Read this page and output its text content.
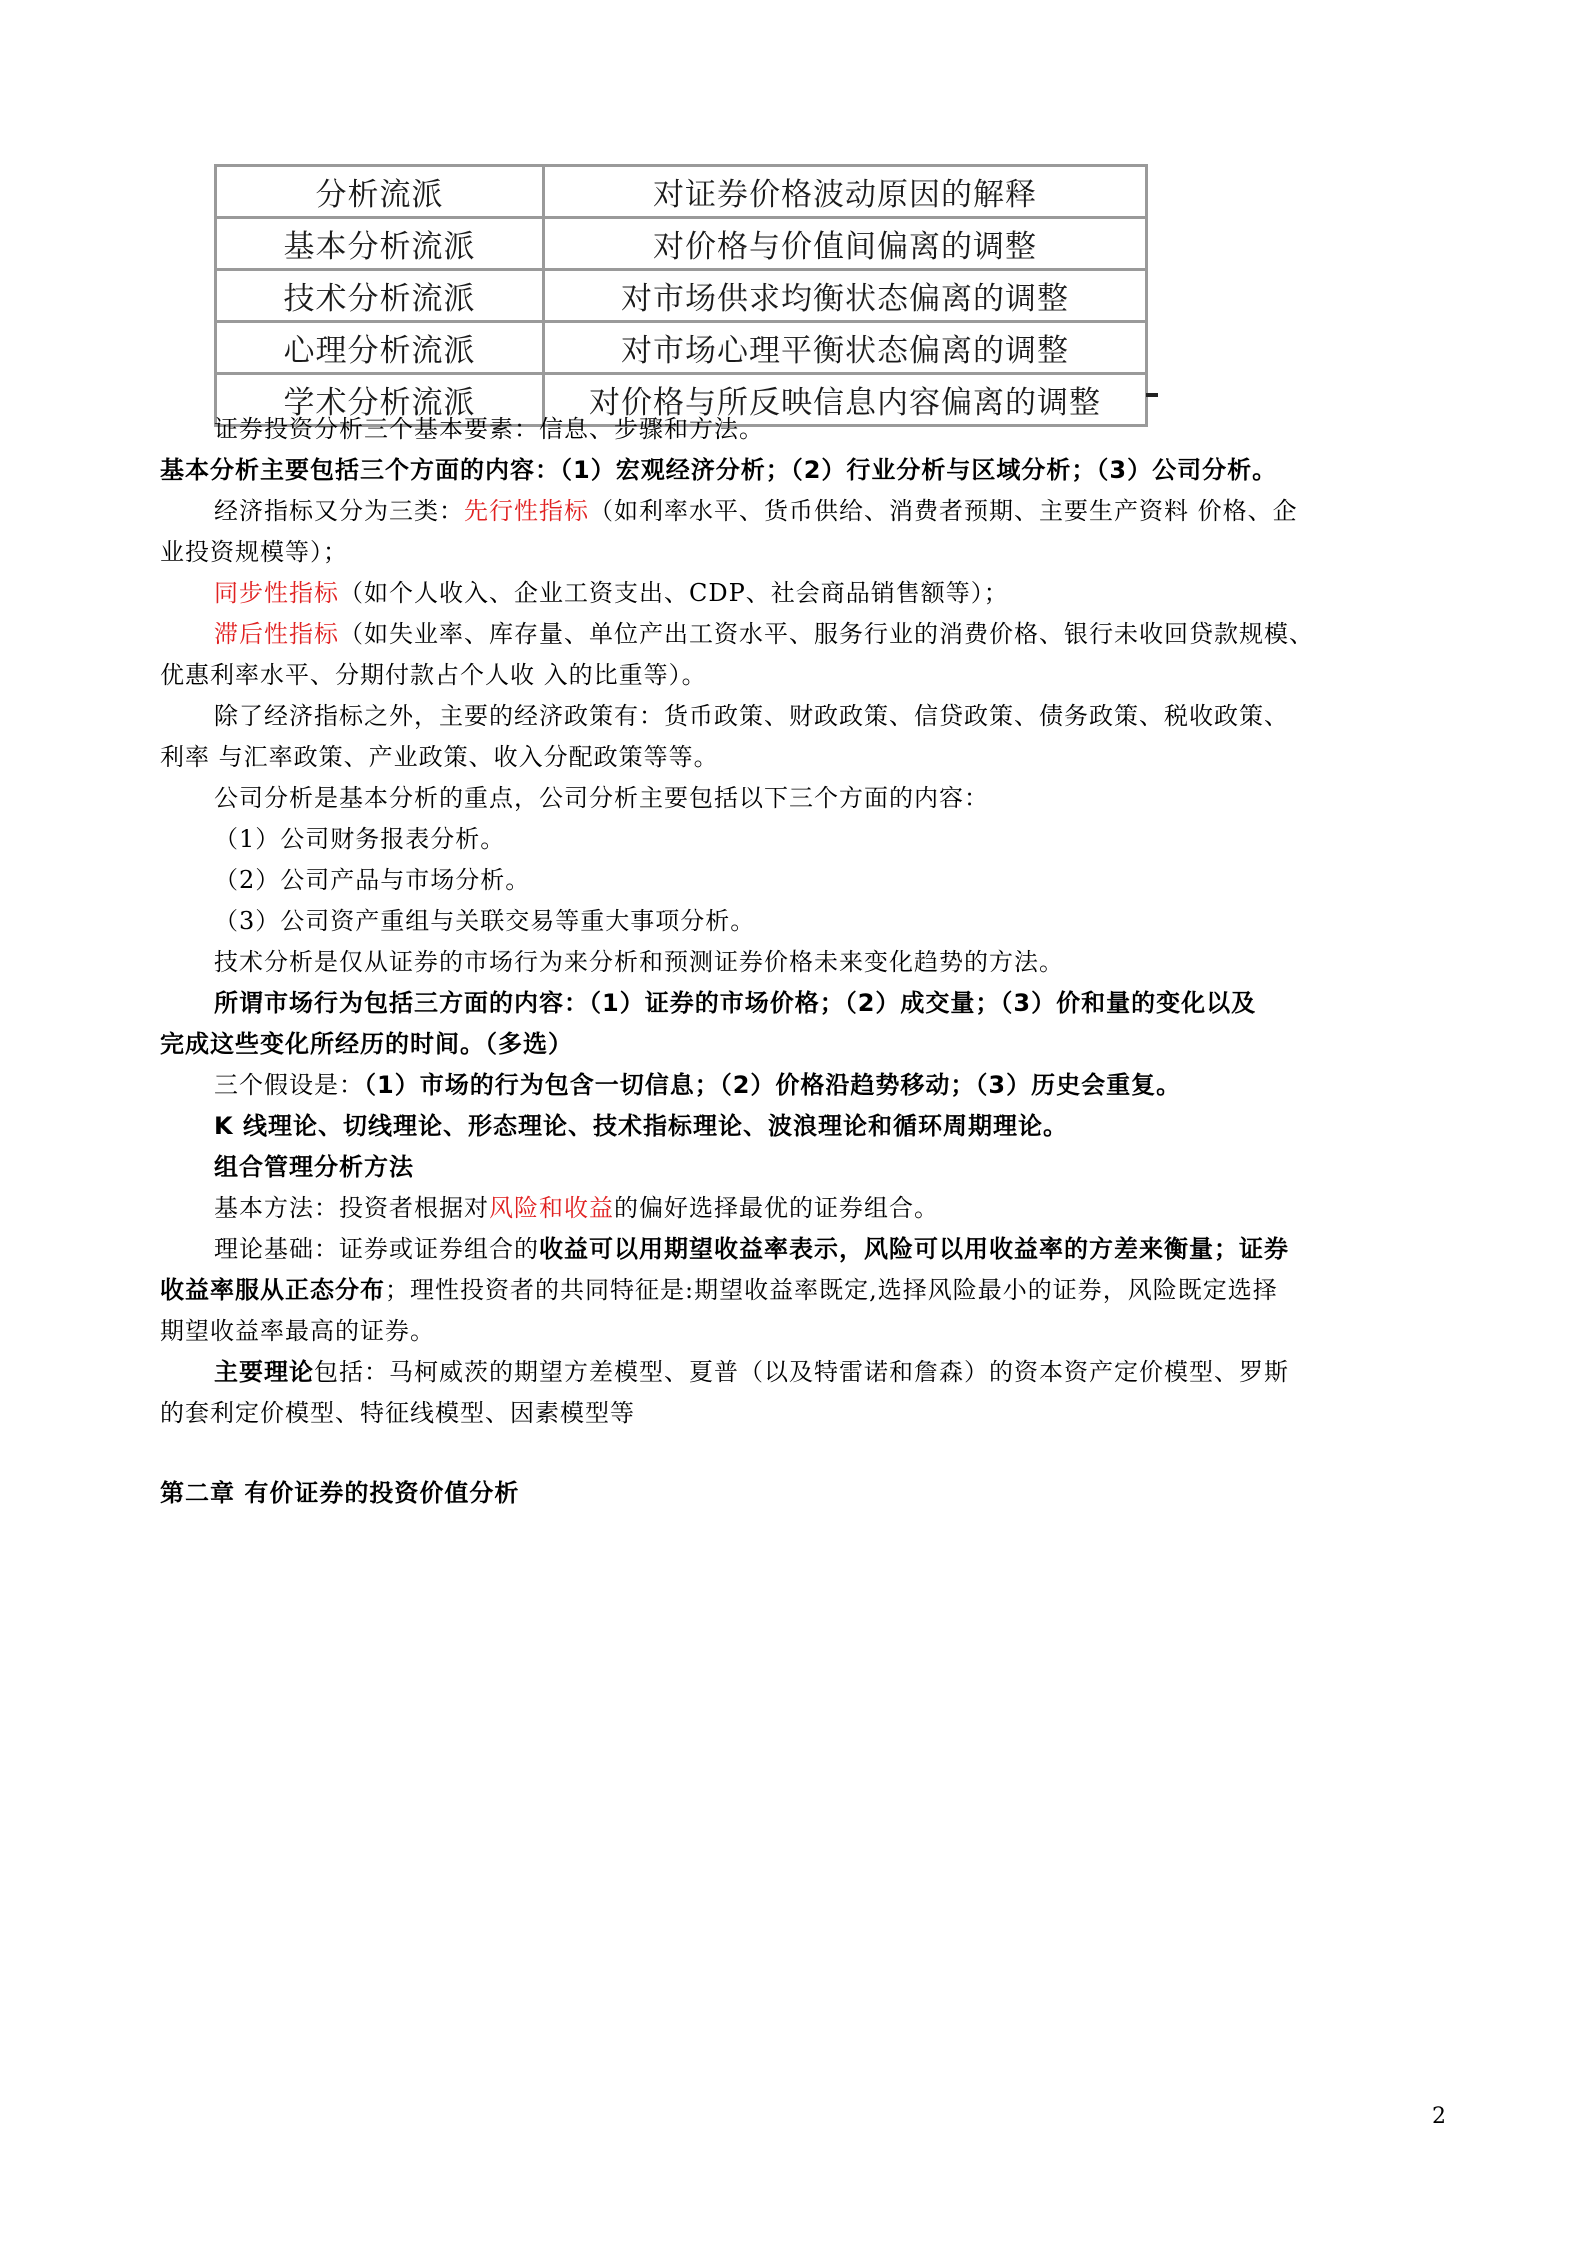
分析流派	对证券价格波动原因的解释
基本分析流派	对价格与价值间偏离的调整
技术分析流派	对市场供求均衡状态偏离的调整
心理分析流派	对市场心理平衡状态偏离的调整
学术分析流派	对价格与所反映信息内容偏离的调整
证券投资分析三个基本要素：信息、步骤和方法。
基本分析主要包括三个方面的内容：（1）宏观经济分析；（2）行业分析与区域分析；（3）公司分析。
经济指标又分为三类：先行性指标（如利率水平、货币供给、消费者预期、主要生产资料 价格、企
业投资规模等）；
同步性指标（如个人收入、企业工资支出、CDP、社会商品销售额等）；
滞后性指标（如失业率、库存量、单位产出工资水平、服务行业的消费价格、银行未收回贷款规模、
优惠利率水平、分期付款占个人收 入的比重等）。
除了经济指标之外，主要的经济政策有：货币政策、财政政策、信贷政策、债务政策、税收政策、
利率 与汇率政策、产业政策、收入分配政策等等。
公司分析是基本分析的重点，公司分析主要包括以下三个方面的内容：
（1）公司财务报表分析。
（2）公司产品与市场分析。
（3）公司资产重组与关联交易等重大事项分析。
技术分析是仅从证券的市场行为来分析和预测证券价格未来变化趋势的方法。
所谓市场行为包括三方面的内容：（1）证券的市场价格；（2）成交量；（3）价和量的变化以及
完成这些变化所经历的时间。（多选）
三个假设是：（1）市场的行为包含一切信息；（2）价格沿趋势移动；（3）历史会重复。
K 线理论、切线理论、形态理论、技术指标理论、波浪理论和循环周期理论。
组合管理分析方法
基本方法：投资者根据对风险和收益的偏好选择最优的证券组合。
理论基础：证券或证券组合的收益可以用期望收益率表示，风险可以用收益率的方差来衡量；证券
收益率服从正态分布；理性投资者的共同特征是:期望收益率既定,选择风险最小的证券，风险既定选择
期望收益率最高的证券。
主要理论包括：马柯威茨的期望方差模型、夏普（以及特雷诺和詹森）的资本资产定价模型、罗斯
的套利定价模型、特征线模型、因素模型等
第二章 有价证券的投资价值分析
2
